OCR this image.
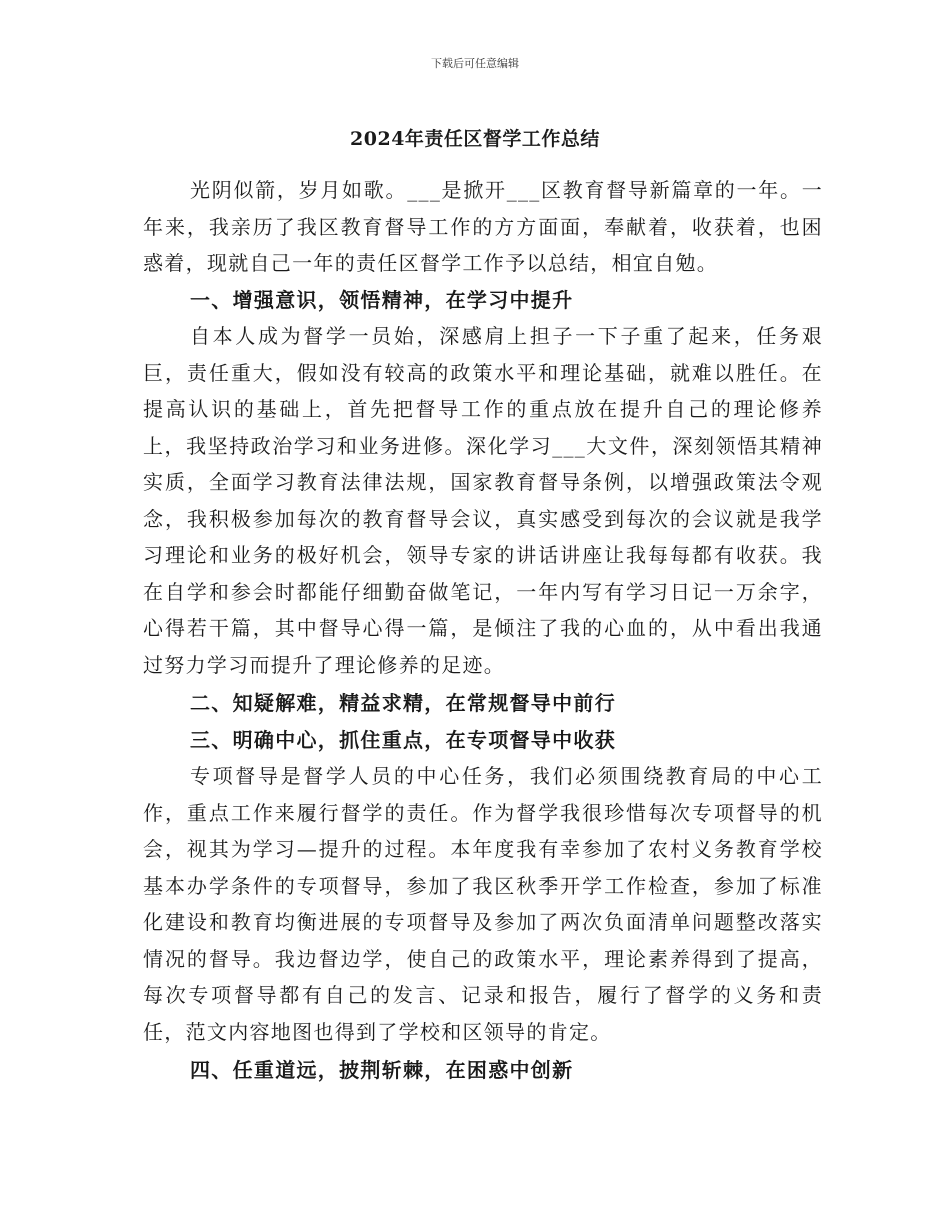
下载后可任意编辑
2024年责任区督学工作总结

光阴似箭，岁月如歌。___是掀开___区教育督导新篇章的一年。一年来，我亲历了我区教育督导工作的方方面面，奉献着，收获着，也困惑着，现就自己一年的责任区督学工作予以总结，相宜自勉。

一、增强意识，领悟精神，在学习中提升

自本人成为督学一员始，深感肩上担子一下子重了起来，任务艰巨，责任重大，假如没有较高的政策水平和理论基础，就难以胜任。在提高认识的基础上，首先把督导工作的重点放在提升自己的理论修养上，我坚持政治学习和业务进修。深化学习___大文件，深刻领悟其精神实质，全面学习教育法律法规，国家教育督导条例，以增强政策法令观念，我积极参加每次的教育督导会议，真实感受到每次的会议就是我学习理论和业务的极好机会，领导专家的讲话讲座让我每每都有收获。我在自学和参会时都能仔细勤奋做笔记，一年内写有学习日记一万余字，心得若干篇，其中督导心得一篇，是倾注了我的心血的，从中看出我通过努力学习而提升了理论修养的足迹。

二、知疑解难，精益求精，在常规督导中前行

三、明确中心，抓住重点，在专项督导中收获

专项督导是督学人员的中心任务，我们必须围绕教育局的中心工作，重点工作来履行督学的责任。作为督学我很珍惜每次专项督导的机会，视其为学习—提升的过程。本年度我有幸参加了农村义务教育学校基本办学条件的专项督导，参加了我区秋季开学工作检查，参加了标准化建设和教育均衡进展的专项督导及参加了两次负面清单问题整改落实情况的督导。我边督边学，使自己的政策水平，理论素养得到了提高，每次专项督导都有自己的发言、记录和报告，履行了督学的义务和责任，范文内容地图也得到了学校和区领导的肯定。

四、任重道远，披荆斩棘，在困惑中创新
